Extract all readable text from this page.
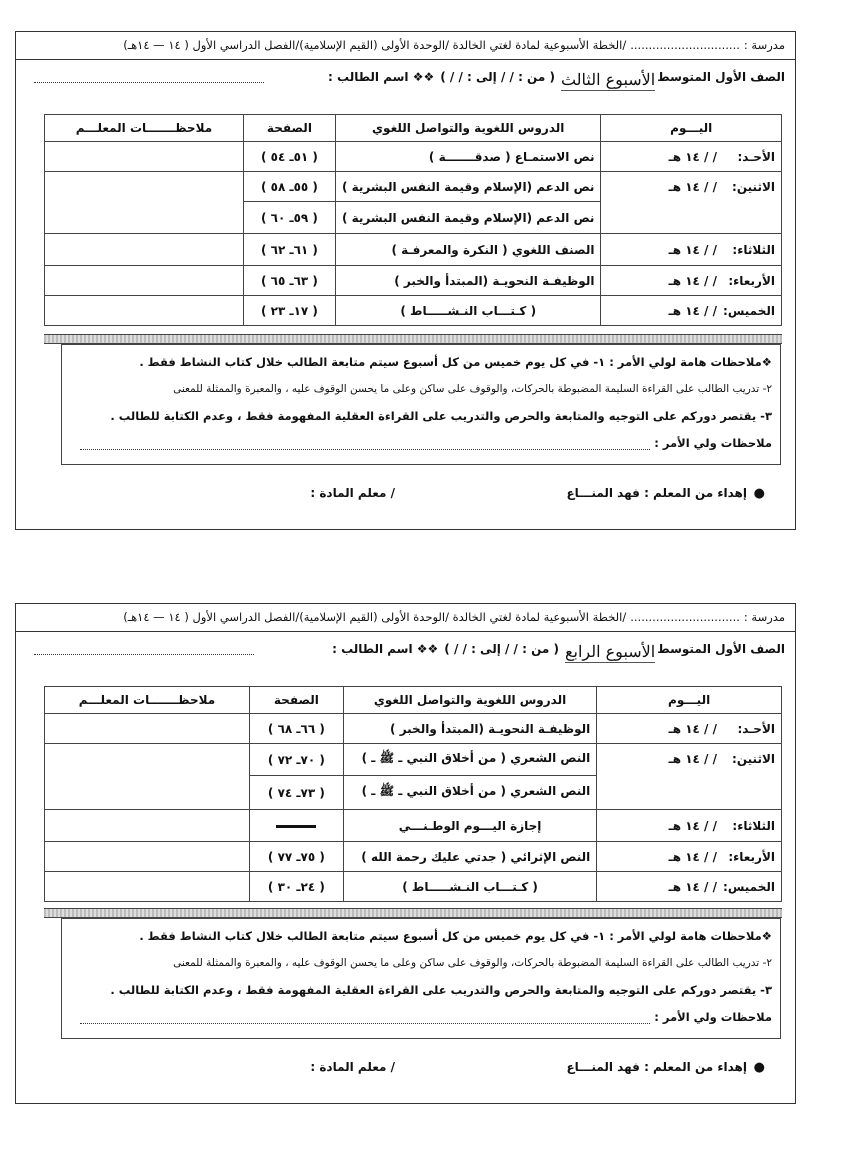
مدرسة :
..............................
/الخطة الأسبوعية لمادة لغتي الخالدة /الوحدة الأولى (القيم الإسلامية)/الفصل الدراسي الأول ( ١٤ — ١٤هـ)
الصف الأول المتوسط
الأسبوع الثالث
( من : / / إلى : / / )
❖❖ اسم الطالب :
اليـــوم	الدروس اللغوية والتواصل اللغوي	الصفحة	ملاحظـــــــات المعلـــم
الأحـد:/ / ١٤ هـ	نص الاستمـاع ( صدقـــــــة )	( ٥١ـ ٥٤ )	
الاثنين:/ / ١٤ هـ	نص الدعم (الإسلام وقيمة النفس البشرية )	( ٥٥ـ ٥٨ )	
	نص الدعم (الإسلام وقيمة النفس البشرية )	( ٥٩ـ ٦٠ )	
الثلاثاء:/ / ١٤ هـ	الصنف اللغوي ( النكرة والمعرفـة )	( ٦١ـ ٦٢ )	
الأربعاء:/ / ١٤ هـ	الوظيفـة النحويـة (المبتدأ والخبر )	( ٦٣ـ ٦٥ )	
الخميس:/ / ١٤ هـ	( كـتـــاب النـشـــــاط )	( ١٧ـ ٢٣ )	

❖ملاحظات هامة لولي الأمر : ١- في كل يوم خميس من كل أسبوع سيتم متابعة الطالب خلال كتاب النشاط فقط .

٢- تدريب الطالب على القراءة السليمة المضبوطة بالحركات، والوقوف على ساكن وعلى ما يحسن الوقوف عليه ، والمعبرة والممثلة للمعنى

٣- يقتصر دوركم على التوجيه والمتابعة والحرص والتدريب على القراءة العقلية المفهومة فقط ، وعدم الكتابة للطالب .

ملاحظات ولي الأمر :

●
إهداء من المعلم : فهد المنـــاع
/ معلم المادة :
مدرسة :
..............................
/الخطة الأسبوعية لمادة لغتي الخالدة /الوحدة الأولى (القيم الإسلامية)/الفصل الدراسي الأول ( ١٤ — ١٤هـ)
الصف الأول المتوسط
الأسبوع الرابع
( من : / / إلى : / / )
❖❖ اسم الطالب :
اليـــوم	الدروس اللغوية والتواصل اللغوي	الصفحة	ملاحظـــــــات المعلـــم
الأحـد:/ / ١٤ هـ	الوظيفـة النحويـة (المبتدأ والخبر )	( ٦٦ـ ٦٨ )	
الاثنين:/ / ١٤ هـ	النص الشعري ( من أخلاق النبي ـ ﷺ ـ )	( ٧٠ـ ٧٢ )	
	النص الشعري ( من أخلاق النبي ـ ﷺ ـ )	( ٧٣ـ ٧٤ )	
الثلاثاء:/ / ١٤ هـ	إجازة اليـــوم الوطـنـــي		
الأربعاء:/ / ١٤ هـ	النص الإثرائي ( جدتي عليك رحمة الله )	( ٧٥ـ ٧٧ )	
الخميس:/ / ١٤ هـ	( كـتـــاب النـشـــــاط )	( ٢٤ـ ٣٠ )	

❖ملاحظات هامة لولي الأمر : ١- في كل يوم خميس من كل أسبوع سيتم متابعة الطالب خلال كتاب النشاط فقط .

٢- تدريب الطالب على القراءة السليمة المضبوطة بالحركات، والوقوف على ساكن وعلى ما يحسن الوقوف عليه ، والمعبرة والممثلة للمعنى

٣- يقتصر دوركم على التوجيه والمتابعة والحرص والتدريب على القراءة العقلية المفهومة فقط ، وعدم الكتابة للطالب .

ملاحظات ولي الأمر :

●
إهداء من المعلم : فهد المنـــاع
/ معلم المادة :
